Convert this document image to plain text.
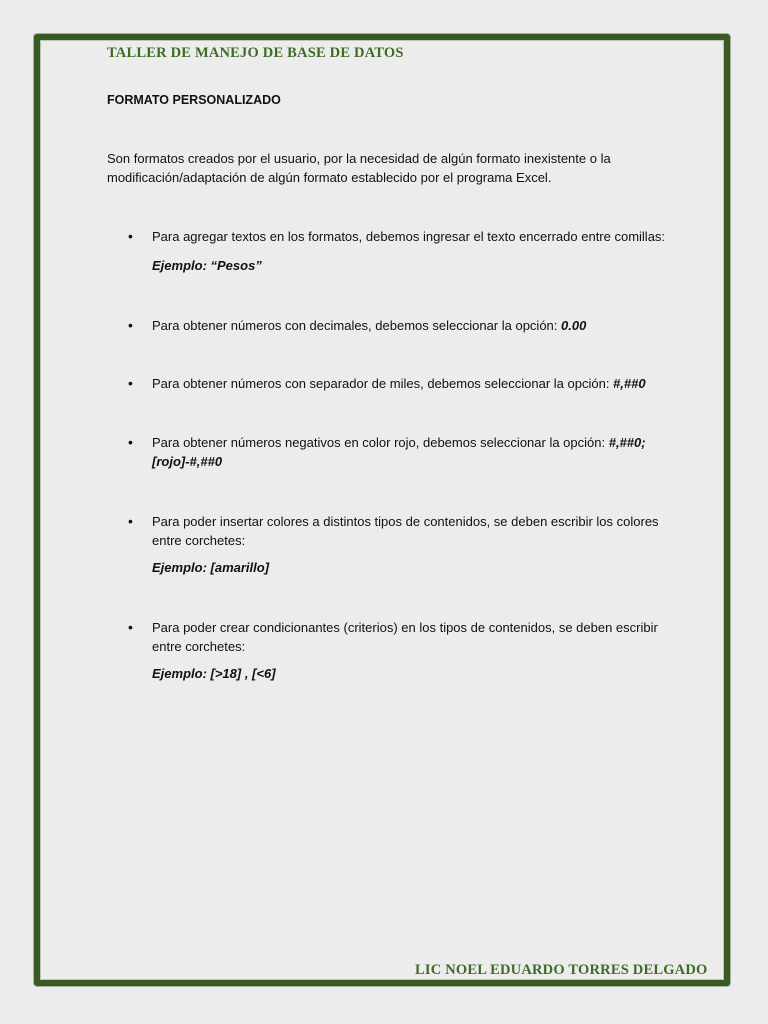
TALLER DE MANEJO DE BASE DE DATOS
FORMATO PERSONALIZADO
Son formatos creados por el usuario, por la necesidad de algún formato inexistente o la modificación/adaptación de algún formato establecido por el programa Excel.
• Para agregar textos en los formatos, debemos ingresar el texto encerrado entre comillas:
Ejemplo: “Pesos”
• Para obtener números con decimales, debemos seleccionar la opción: 0.00
• Para obtener números con separador de miles, debemos seleccionar la opción: #,##0
• Para obtener números negativos en color rojo, debemos seleccionar la opción: #,##0;[rojo]-#,##0
• Para poder insertar colores a distintos tipos de contenidos, se deben escribir los colores entre corchetes:
Ejemplo: [amarillo]
• Para poder crear condicionantes (criterios) en los tipos de contenidos, se deben escribir entre corchetes:
Ejemplo: [>18] , [<6]
LIC NOEL EDUARDO TORRES DELGADO
